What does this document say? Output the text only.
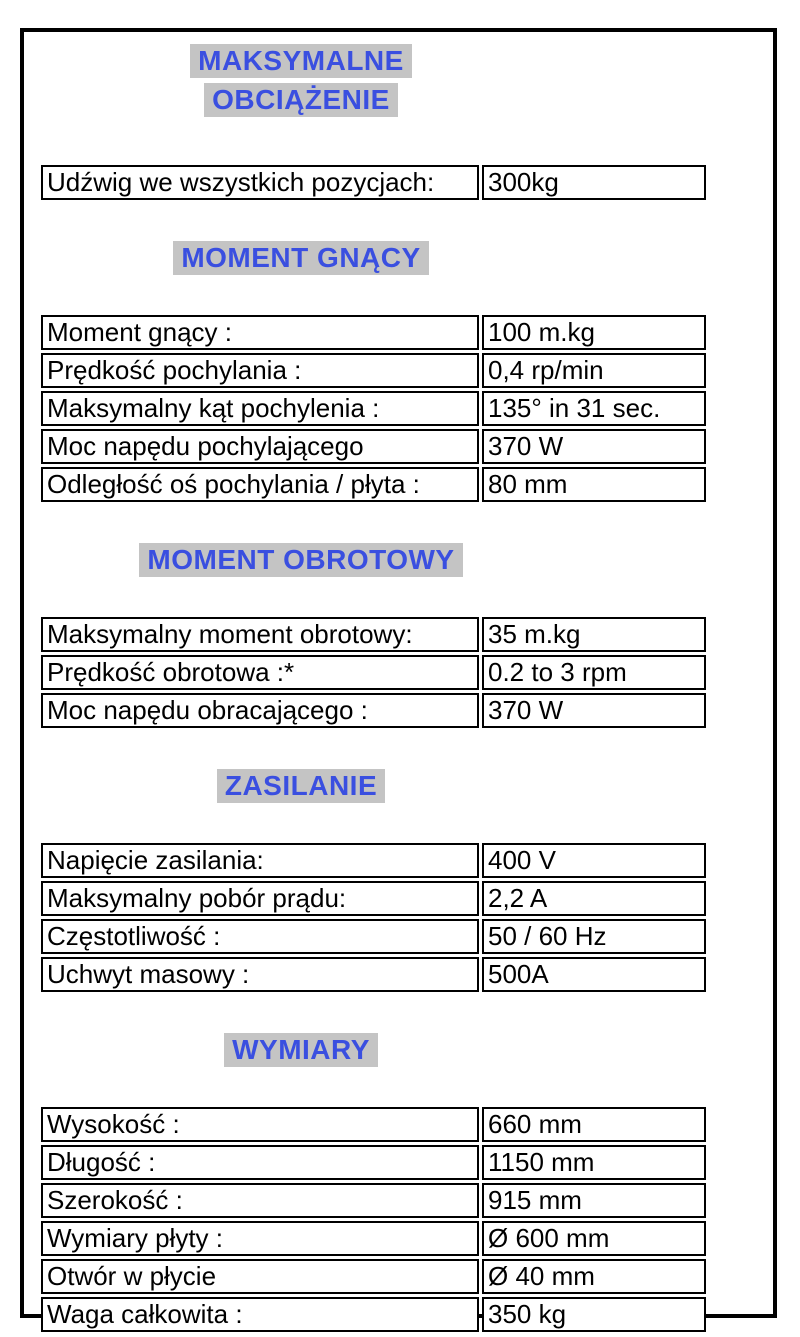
MAKSYMALNE
OBCIĄŻENIE
Udźwig we wszystkich pozycjach:	300kg
MOMENT GNĄCY
Moment gnący :	100 m.kg
Prędkość pochylania :	0,4 rp/min
Maksymalny kąt pochylenia :	135° in 31 sec.
Moc napędu pochylającego	370 W
Odległość oś pochylania / płyta :	80 mm
MOMENT OBROTOWY
Maksymalny moment obrotowy:	35 m.kg
Prędkość obrotowa :*	0.2 to 3 rpm
Moc napędu obracającego :	370 W
ZASILANIE
Napięcie zasilania:	400 V
Maksymalny pobór prądu:	2,2 A
Częstotliwość :	50 / 60 Hz
Uchwyt masowy :	500A
WYMIARY
Wysokość :	660 mm
Długość :	1150 mm
Szerokość :	915 mm
Wymiary płyty :	Ø 600 mm
Otwór w płycie	Ø 40 mm
Waga całkowita :	350 kg
